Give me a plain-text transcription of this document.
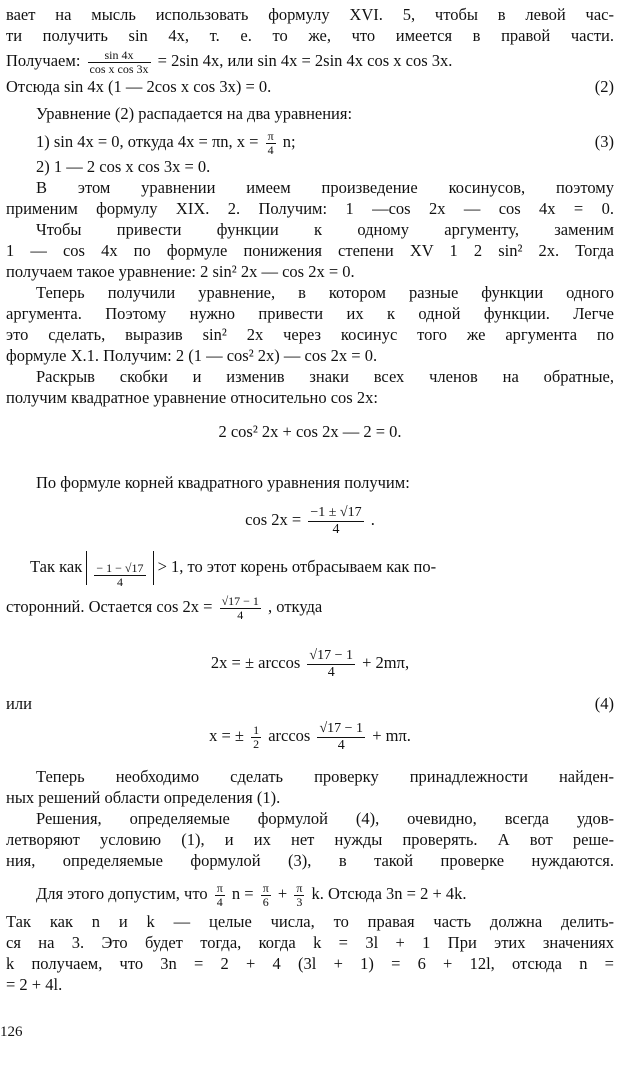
вает на мысль использовать формулу XVI. 5, чтобы в левой час-
ти получить sin 4x, т. е. то же, что имеется в правой части.
Получаем: $\frac{\sin 4x}{\text{cos x cos 3x}} = 2\sin$ 4x, или sin 4x = 2sin 4x cos x cos 3x.
Отсюда sin 4x (1 — 2cos x cos 3x) = 0.	(2)
Уравнение (2) распадается на два уравнения:
1) sin 4x = 0, откуда 4x = πn, $x = \frac{\pi}{4} n$;	(3)
2) 1 — 2 cos x cos 3x = 0.
В этом уравнении имеем произведение косинусов, поэтому
применим формулу XIX. 2. Получим: 1 —cos 2x — cos 4x = 0.
Чтобы привести функции к одному аргументу, заменим
1 — cos 4x по формуле понижения степени XV 1 2 sin² 2x. Тогда
получаем такое уравнение: 2 sin² 2x — cos 2x = 0.
Теперь получили уравнение, в котором разные функции одного
аргумента. Поэтому нужно привести их к одной функции. Легче
это сделать, выразив sin² 2x через косинус того же аргумента по
формуле X.1. Получим: 2 (1 — cos² 2x) — cos 2x = 0.
Раскрыв скобки и изменив знаки всех членов на обратные,
получим квадратное уравнение относительно cos 2x:
2 cos² 2x + cos 2x — 2 = 0.
По формуле корней квадратного уравнения получим:
$\cos 2x = \frac{-1 \pm √17}{4}$ .
Так как $\frac{- 1 - √17}{4} > 1$, то этот корень отбрасываем как по-
сторонний. Остается $\cos 2x = \frac{√17 - 1}{4}$ , откуда
2x = ± $\arccos \frac{√17 - 1}{4} + 2m\pi$,
или	(4)
x = ± $\frac{1}{2}$ $\arccos \frac{√17 - 1}{4} + m\pi$.
Теперь необходимо сделать проверку принадлежности найден-
ных решений области определения (1).
Решения, определяемые формулой (4), очевидно, всегда удов-
летворяют условию (1), и их нет нужды проверять. А вот реше-
ния, определяемые формулой (3), в такой проверке нуждаются.
Для этого допустим, что $\frac{\pi}{4}$ $n = \frac{\pi}{6} + \frac{\pi}{3} k$. Отсюда 3n = 2 + 4k.
Так как n и k — целые числа, то правая часть должна делить-
ся на 3. Это будет тогда, когда k = 3l + 1 При этих значениях
k получаем, что 3n = 2 + 4 (3l + 1) = 6 + 12l, отсюда n =
= 2 + 4l.
126
